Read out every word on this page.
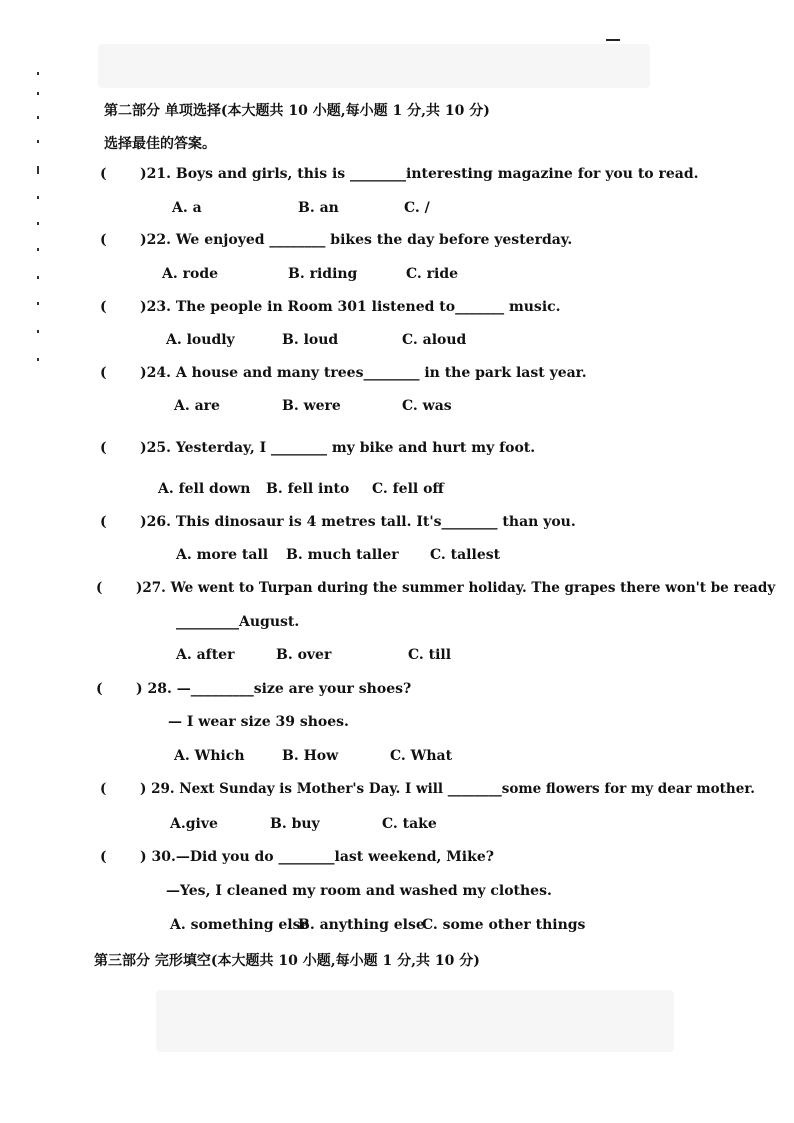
第二部分 单项选择(本大题共 10 小题,每小题 1 分,共 10 分)
选择最佳的答案。
( )21. Boys and girls, this is ________interesting magazine for you to read.
A. a	B. an	C. /
( )22. We enjoyed ________ bikes the day before yesterday.
A. rode	B. riding	C. ride
( )23. The people in Room 301 listened to_______ music.
A. loudly	B. loud	C. aloud
( )24. A house and many trees________ in the park last year.
A. are	B. were	C. was
( )25. Yesterday, I ________ my bike and hurt my foot.
A. fell down B. fell into C. fell off
( )26. This dinosaur is 4 metres tall. It's________ than you.
A. more tall B. much taller C. tallest
( )27. We went to Turpan during the summer holiday. The grapes there won't be ready
_________August.
A. after	B. over	C. till
( ) 28. —_________size are your shoes?
— I wear size 39 shoes.
A. Which	B. How	C. What
( ) 29. Next Sunday is Mother's Day. I will ________some flowers for my dear mother.
A.give	B. buy	C. take
( ) 30.—Did you do ________last weekend, Mike?
—Yes, I cleaned my room and washed my clothes.
A. something else
B. anything else
C. some other things
第三部分 完形填空(本大题共 10 小题,每小题 1 分,共 10 分)
